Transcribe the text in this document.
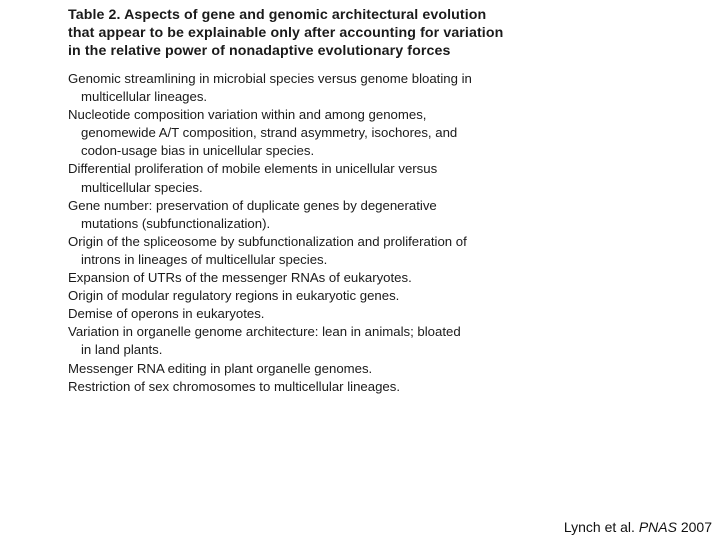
Table 2. Aspects of gene and genomic architectural evolution
that appear to be explainable only after accounting for variation
in the relative power of nonadaptive evolutionary forces
Genomic streamlining in microbial species versus genome bloating in
multicellular lineages.
Nucleotide composition variation within and among genomes,
genomewide A/T composition, strand asymmetry, isochores, and
codon-usage bias in unicellular species.
Differential proliferation of mobile elements in unicellular versus
multicellular species.
Gene number: preservation of duplicate genes by degenerative
mutations (subfunctionalization).
Origin of the spliceosome by subfunctionalization and proliferation of
introns in lineages of multicellular species.
Expansion of UTRs of the messenger RNAs of eukaryotes.
Origin of modular regulatory regions in eukaryotic genes.
Demise of operons in eukaryotes.
Variation in organelle genome architecture: lean in animals; bloated
in land plants.
Messenger RNA editing in plant organelle genomes.
Restriction of sex chromosomes to multicellular lineages.
Lynch et al. PNAS 2007
